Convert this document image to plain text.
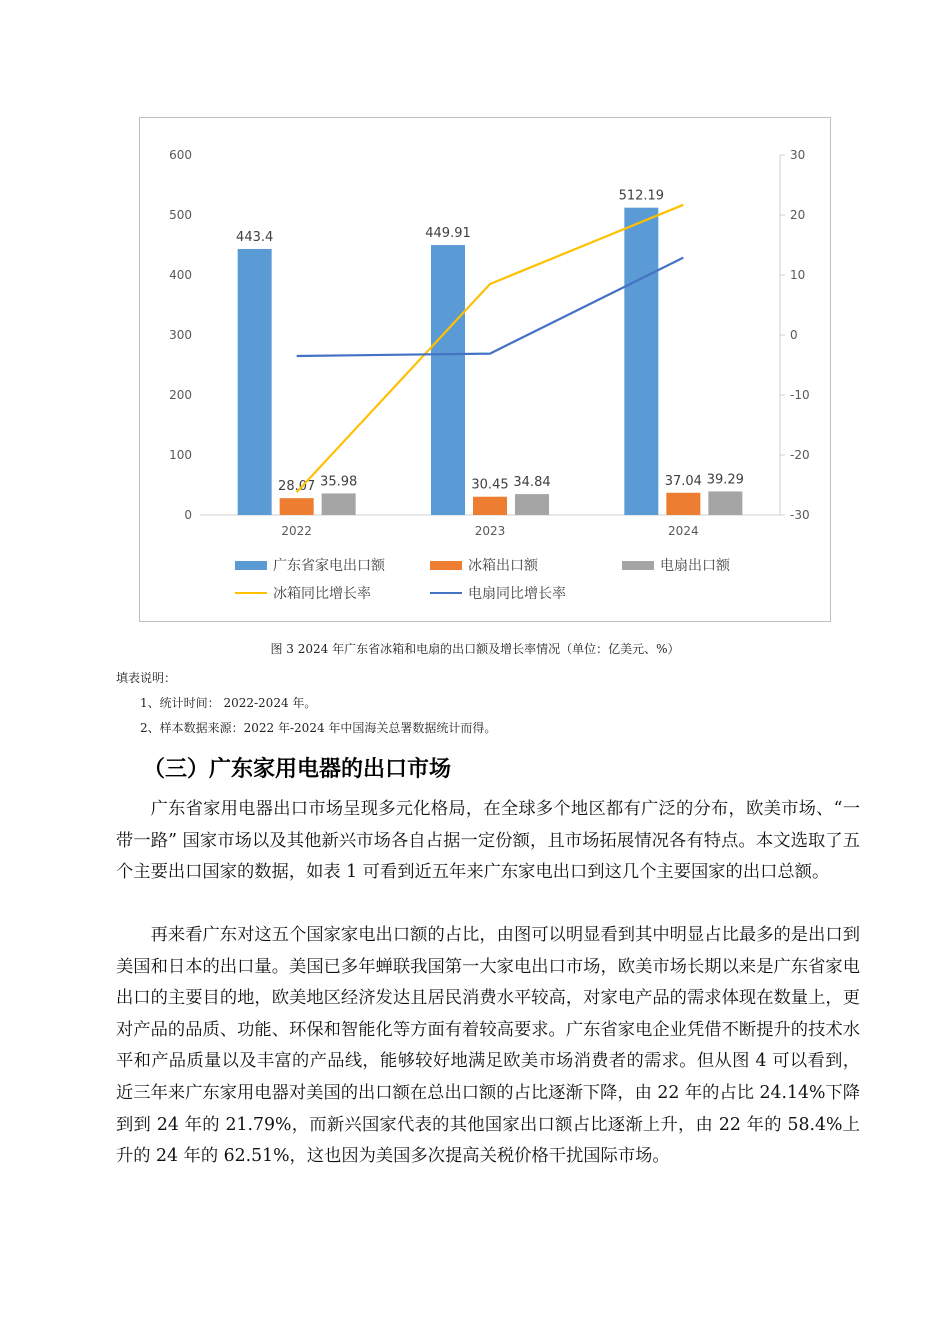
0
100
200
300
400
500
600
-30
-20
-10
0
10
20
30
443.4
28.07 35.98
2022
449.91
30.45 34.84
2023
512.19
37.04 39.29
2024
广东省家电出口额	冰箱出口额	电扇出口额
冰箱同比增长率	电扇同比增长率
图 3 2024 年广东省冰箱和电扇的出口额及增长率情况（单位：亿美元、%）
填表说明：
1、统计时间： 2022-2024 年。
2、样本数据来源：2022 年-2024 年中国海关总署数据统计而得。
（三）广东家用电器的出口市场
广东省家用电器出口市场呈现多元化格局，在全球多个地区都有广泛的分布，欧美市场、“一带一路” 国家市场以及其他新兴市场各自占据一定份额，且市场拓展情况各有特点。本文选取了五个主要出口国家的数据，如表 1 可看到近五年来广东家电出口到这几个主要国家的出口总额。
再来看广东对这五个国家家电出口额的占比，由图可以明显看到其中明显占比最多的是出口到美国和日本的出口量。美国已多年蝉联我国第一大家电出口市场，欧美市场长期以来是广东省家电出口的主要目的地，欧美地区经济发达且居民消费水平较高，对家电产品的需求体现在数量上，更对产品的品质、功能、环保和智能化等方面有着较高要求。广东省家电企业凭借不断提升的技术水平和产品质量以及丰富的产品线，能够较好地满足欧美市场消费者的需求。但从图 4 可以看到，近三年来广东家用电器对美国的出口额在总出口额的占比逐渐下降，由 22 年的占比 24.14%下降到到 24 年的 21.79%，而新兴国家代表的其他国家出口额占比逐渐上升，由 22 年的 58.4%上升的 24 年的 62.51%，这也因为美国多次提高关税价格干扰国际市场。
